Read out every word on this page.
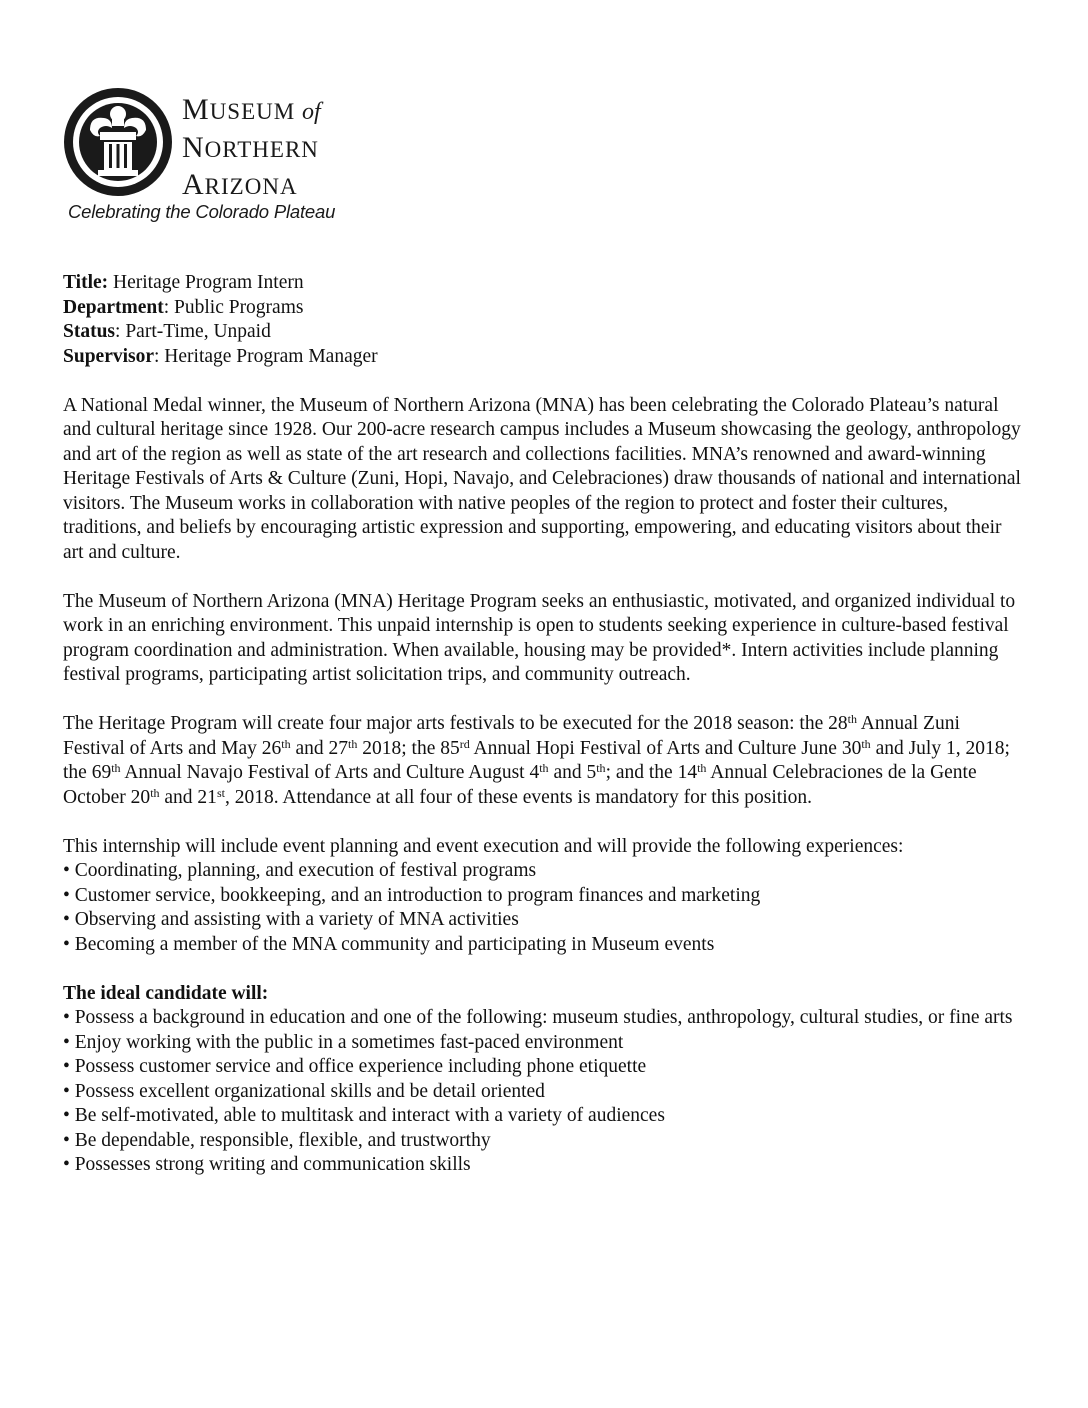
MUSEUM of
NORTHERN
ARIZONA
Celebrating the Colorado Plateau
Title: Heritage Program Intern
Department: Public Programs
Status: Part-Time, Unpaid
Supervisor: Heritage Program Manager

A National Medal winner, the Museum of Northern Arizona (MNA) has been celebrating the Colorado Plateau’s natural and cultural heritage since 1928. Our 200-acre research campus includes a Museum showcasing the geology, anthropology and art of the region as well as state of the art research and collections facilities. MNA’s renowned and award-winning Heritage Festivals of Arts & Culture (Zuni, Hopi, Navajo, and Celebraciones) draw thousands of national and international visitors. The Museum works in collaboration with native peoples of the region to protect and foster their cultures, traditions, and beliefs by encouraging artistic expression and supporting, empowering, and educating visitors about their art and culture.

The Museum of Northern Arizona (MNA) Heritage Program seeks an enthusiastic, motivated, and organized individual to work in an enriching environment. This unpaid internship is open to students seeking experience in culture-based festival program coordination and administration. When available, housing may be provided*. Intern activities include planning festival programs, participating artist solicitation trips, and community outreach.

The Heritage Program will create four major arts festivals to be executed for the 2018 season: the 28th Annual Zuni Festival of Arts and May 26th and 27th 2018; the 85rd Annual Hopi Festival of Arts and Culture June 30th and July 1, 2018; the 69th Annual Navajo Festival of Arts and Culture August 4th and 5th; and the 14th Annual Celebraciones de la Gente October 20th and 21st, 2018. Attendance at all four of these events is mandatory for this position.

This internship will include event planning and event execution and will provide the following experiences:

• Coordinating, planning, and execution of festival programs
• Customer service, bookkeeping, and an introduction to program finances and marketing
• Observing and assisting with a variety of MNA activities
• Becoming a member of the MNA community and participating in Museum events
The ideal candidate will:
• Possess a background in education and one of the following: museum studies, anthropology, cultural studies, or fine arts
• Enjoy working with the public in a sometimes fast-paced environment
• Possess customer service and office experience including phone etiquette
• Possess excellent organizational skills and be detail oriented
• Be self-motivated, able to multitask and interact with a variety of audiences
• Be dependable, responsible, flexible, and trustworthy
• Possesses strong writing and communication skills
